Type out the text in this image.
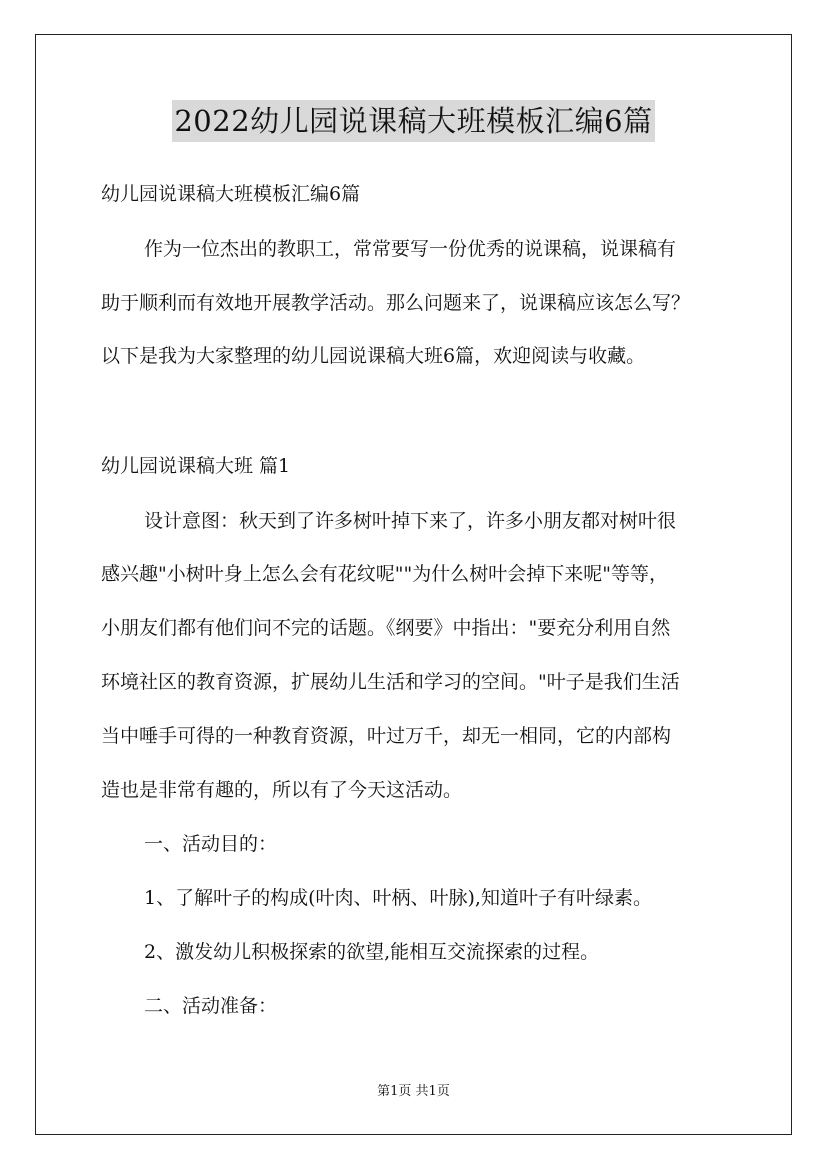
2022幼儿园说课稿大班模板汇编6篇
幼儿园说课稿大班模板汇编6篇
作为一位杰出的教职工，常常要写一份优秀的说课稿，说课稿有
助于顺利而有效地开展教学活动。那么问题来了，说课稿应该怎么写？
以下是我为大家整理的幼儿园说课稿大班6篇，欢迎阅读与收藏。
幼儿园说课稿大班 篇1
设计意图：秋天到了许多树叶掉下来了，许多小朋友都对树叶很
感兴趣"小树叶身上怎么会有花纹呢""为什么树叶会掉下来呢"等等，
小朋友们都有他们问不完的话题。《纲要》中指出："要充分利用自然
环境社区的教育资源，扩展幼儿生活和学习的空间。"叶子是我们生活
当中唾手可得的一种教育资源，叶过万千，却无一相同，它的内部构
造也是非常有趣的，所以有了今天这活动。
一、活动目的：
1、了解叶子的构成(叶肉、叶柄、叶脉),知道叶子有叶绿素。
2、激发幼儿积极探索的欲望,能相互交流探索的过程。
二、活动准备：
第1页 共1页
